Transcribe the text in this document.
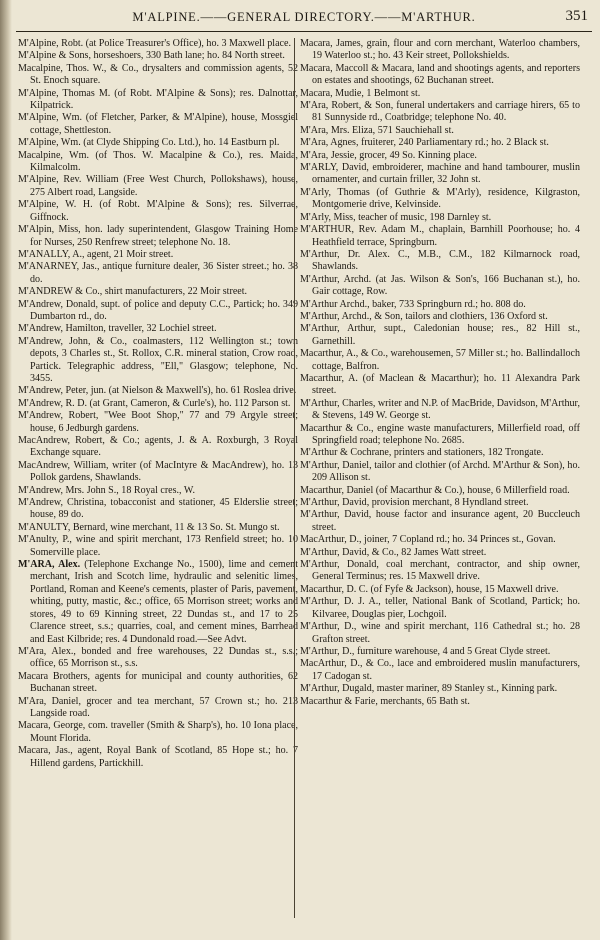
M'ALPINE.——GENERAL DIRECTORY.——M'ARTHUR.	351

M'Alpine, Robt. (at Police Treasurer's Office), ho. 3 Maxwell place.

M'Alpine & Sons, horseshoers, 330 Bath lane; ho. 84 North street.

Macalpine, Thos. W., & Co., drysalters and commission agents, 52 St. Enoch square.

M'Alpine, Thomas M. (of Robt. M'Alpine & Sons); res. Dalnottar, Kilpatrick.

M'Alpine, Wm. (of Fletcher, Parker, & M'Alpine), house, Mossgiel cottage, Shettleston.

M'Alpine, Wm. (at Clyde Shipping Co. Ltd.), ho. 14 Eastburn pl.

Macalpine, Wm. (of Thos. W. Macalpine & Co.), res. Maida, Kilmalcolm.

M'Alpine, Rev. William (Free West Church, Pollokshaws), house, 275 Albert road, Langside.

M'Alpine, W. H. (of Robt. M'Alpine & Sons); res. Silverrae, Giffnock.

M'Alpin, Miss, hon. lady superintendent, Glasgow Training Home for Nurses, 250 Renfrew street; telephone No. 18.

M'ANALLY, A., agent, 21 Moir street.

M'ANARNEY, Jas., antique furniture dealer, 36 Sister street.; ho. 38 do.

M'ANDREW & Co., shirt manufacturers, 22 Moir street.

M'Andrew, Donald, supt. of police and deputy C.C., Partick; ho. 349 Dumbarton rd., do.

M'Andrew, Hamilton, traveller, 32 Lochiel street.

M'Andrew, John, & Co., coalmasters, 112 Wellington st.; town depots, 3 Charles st., St. Rollox, C.R. mineral station, Crow road, Partick. Telegraphic address, "Ell," Glasgow; telephone, No. 3455.

M'Andrew, Peter, jun. (at Nielson & Maxwell's), ho. 61 Roslea drive.

M'Andrew, R. D. (at Grant, Cameron, & Curle's), ho. 112 Parson st.

M'Andrew, Robert, "Wee Boot Shop," 77 and 79 Argyle street; house, 6 Jedburgh gardens.

MacAndrew, Robert, & Co.; agents, J. & A. Roxburgh, 3 Royal Exchange square.

MacAndrew, William, writer (of MacIntyre & MacAndrew), ho. 13 Pollok gardens, Shawlands.

M'Andrew, Mrs. John S., 18 Royal cres., W.

M'Andrew, Christina, tobacconist and stationer, 45 Elderslie street; house, 89 do.

M'ANULTY, Bernard, wine merchant, 11 & 13 So. St. Mungo st.

M'Anulty, P., wine and spirit merchant, 173 Renfield street; ho. 10 Somerville place.

M'ARA, Alex. (Telephone Exchange No., 1500), lime and cement merchant, Irish and Scotch lime, hydraulic and selenitic limes, Portland, Roman and Keene's cements, plaster of Paris, pavement, whiting, putty, mastic, &c.; office, 65 Morrison street; works and stores, 49 to 69 Kinning street, 22 Dundas st., and 17 to 25 Clarence street, s.s.; quarries, coal, and cement mines, Barrhead and East Kilbride; res. 4 Dundonald road.—See Advt.

M'Ara, Alex., bonded and free warehouses, 22 Dundas st., s.s.; office, 65 Morrison st., s.s.

Macara Brothers, agents for municipal and county authorities, 62 Buchanan street.

M'Ara, Daniel, grocer and tea merchant, 57 Crown st.; ho. 213 Langside road.

Macara, George, com. traveller (Smith & Sharp's), ho. 10 Iona place, Mount Florida.

Macara, Jas., agent, Royal Bank of Scotland, 85 Hope st.; ho. 7 Hillend gardens, Partickhill.

Macara, James, grain, flour and corn merchant, Waterloo chambers, 19 Waterloo st.; ho. 43 Keir street, Pollokshields.

Macara, Maccoll & Macara, land and shootings agents, and reporters on estates and shootings, 62 Buchanan street.

Macara, Mudie, 1 Belmont st.

M'Ara, Robert, & Son, funeral undertakers and carriage hirers, 65 to 81 Sunnyside rd., Coatbridge; telephone No. 40.

M'Ara, Mrs. Eliza, 571 Sauchiehall st.

M'Ara, Agnes, fruiterer, 240 Parliamentary rd.; ho. 2 Black st.

M'Ara, Jessie, grocer, 49 So. Kinning place.

M'ARLY, David, embroiderer, machine and hand tambourer, muslin ornamenter, and curtain friller, 32 John st.

M'Arly, Thomas (of Guthrie & M'Arly), residence, Kilgraston, Montgomerie drive, Kelvinside.

M'Arly, Miss, teacher of music, 198 Darnley st.

M'ARTHUR, Rev. Adam M., chaplain, Barnhill Poorhouse; ho. 4 Heathfield terrace, Springburn.

M'Arthur, Dr. Alex. C., M.B., C.M., 182 Kilmarnock road, Shawlands.

M'Arthur, Archd. (at Jas. Wilson & Son's, 166 Buchanan st.), ho. Gair cottage, Row.

M'Arthur Archd., baker, 733 Springburn rd.; ho. 808 do.

M'Arthur, Archd., & Son, tailors and clothiers, 136 Oxford st.

M'Arthur, Arthur, supt., Caledonian house; res., 82 Hill st., Garnethill.

Macarthur, A., & Co., warehousemen, 57 Miller st.; ho. Ballindalloch cottage, Balfron.

Macarthur, A. (of Maclean & Macarthur); ho. 11 Alexandra Park street.

M'Arthur, Charles, writer and N.P. of MacBride, Davidson, M'Arthur, & Stevens, 149 W. George st.

Macarthur & Co., engine waste manufacturers, Millerfield road, off Springfield road; telephone No. 2685.

M'Arthur & Cochrane, printers and stationers, 182 Trongate.

M'Arthur, Daniel, tailor and clothier (of Archd. M'Arthur & Son), ho. 209 Allison st.

Macarthur, Daniel (of Macarthur & Co.), house, 6 Millerfield road.

M'Arthur, David, provision merchant, 8 Hyndland street.

M'Arthur, David, house factor and insurance agent, 20 Buccleuch street.

MacArthur, D., joiner, 7 Copland rd.; ho. 34 Princes st., Govan.

M'Arthur, David, & Co., 82 James Watt street.

M'Arthur, Donald, coal merchant, contractor, and ship owner, General Terminus; res. 15 Maxwell drive.

Macarthur, D. C. (of Fyfe & Jackson), house, 15 Maxwell drive.

M'Arthur, D. J. A., teller, National Bank of Scotland, Partick; ho. Kilvaree, Douglas pier, Lochgoil.

M'Arthur, D., wine and spirit merchant, 116 Cathedral st.; ho. 28 Grafton street.

M'Arthur, D., furniture warehouse, 4 and 5 Great Clyde street.

MacArthur, D., & Co., lace and embroidered muslin manufacturers, 17 Cadogan st.

M'Arthur, Dugald, master mariner, 89 Stanley st., Kinning park.

Macarthur & Farie, merchants, 65 Bath st.
